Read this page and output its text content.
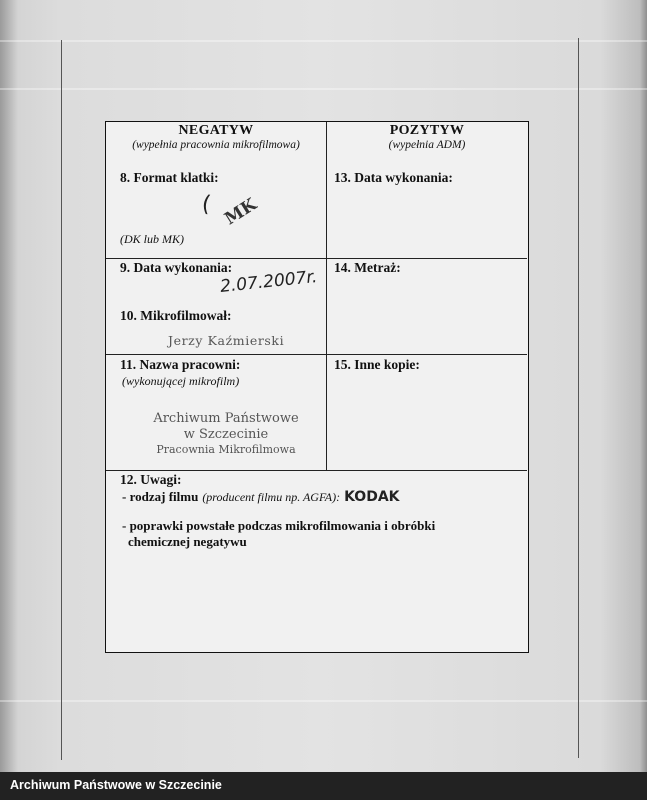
NEGATYW
(wypełnia pracownia mikrofilmowa)
POZYTYW
(wypełnia ADM)
8. Format klatki:
( MK
(DK lub MK)
13. Data wykonania:
9. Data wykonania:
2.07.2007r. 14. Metraż:
10. Mikrofilmował:
Jerzy Kaźmierski
11. Nazwa pracowni:
(wykonującej mikrofilm)
Archiwum Państwowe
w Szczecinie
Pracownia Mikrofilmowa
15. Inne kopie:
12. Uwagi:
- rodzaj filmu (producent filmu np. AGFA): KODAK
- poprawki powstałe podczas mikrofilmowania i obróbki
chemicznej negatywu
Archiwum Państwowe w Szczecinie
